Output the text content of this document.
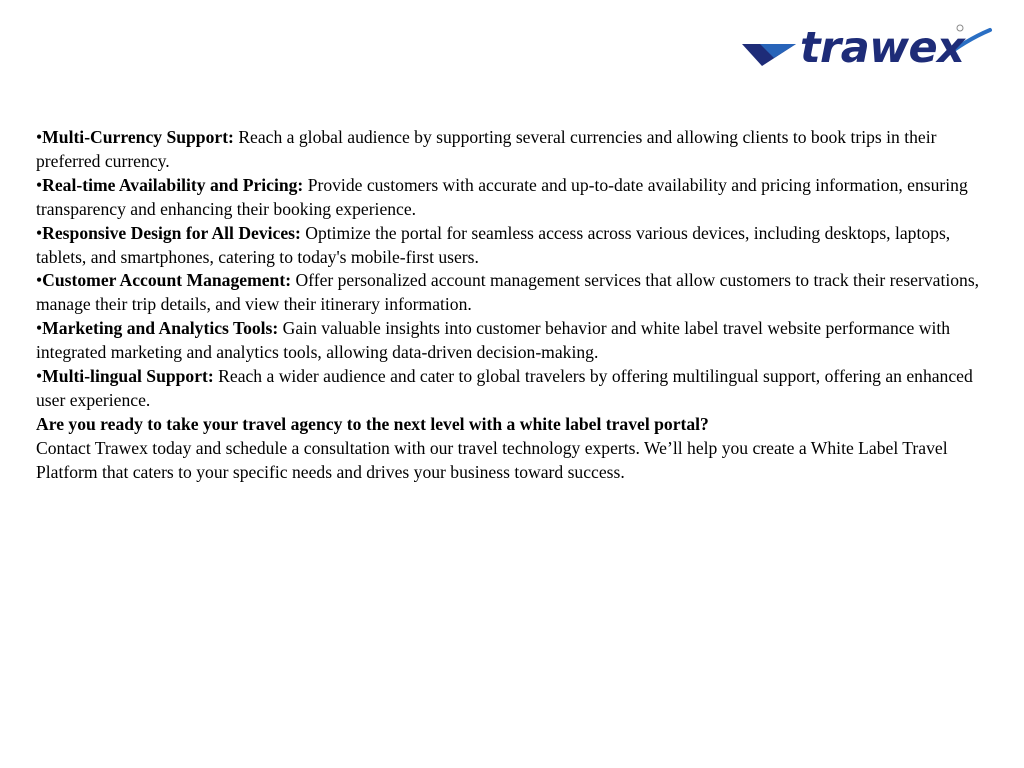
trawex

•Multi-Currency Support: Reach a global audience by supporting several currencies and allowing clients to book trips in their preferred currency.

•Real-time Availability and Pricing: Provide customers with accurate and up-to-date availability and pricing information, ensuring transparency and enhancing their booking experience.

•Responsive Design for All Devices: Optimize the portal for seamless access across various devices, including desktops, laptops, tablets, and smartphones, catering to today's mobile-first users.

•Customer Account Management: Offer personalized account management services that allow customers to track their reservations, manage their trip details, and view their itinerary information.

•Marketing and Analytics Tools: Gain valuable insights into customer behavior and white label travel website performance with integrated marketing and analytics tools, allowing data-driven decision-making.

•Multi-lingual Support: Reach a wider audience and cater to global travelers by offering multilingual support, offering an enhanced user experience.

Are you ready to take your travel agency to the next level with a white label travel portal?

Contact Trawex today and schedule a consultation with our travel technology experts. We’ll help you create a White Label Travel Platform that caters to your specific needs and drives your business toward success.
